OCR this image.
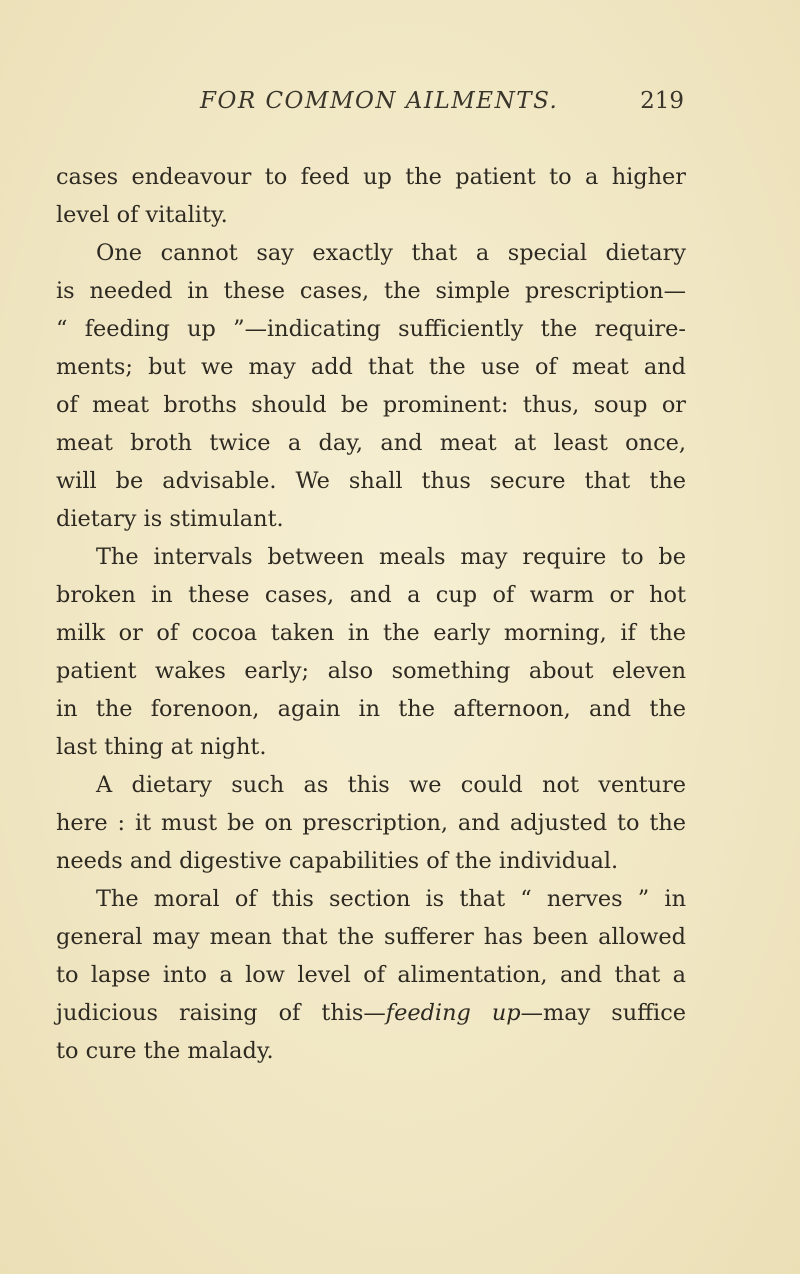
FOR COMMON AILMENTS.	219
cases endeavour to feed up the patient to a higher
level of vitality.
One cannot say exactly that a special dietary
is needed in these cases, the simple prescription—
“ feeding up ”—indicating sufficiently the require-
ments; but we may add that the use of meat and
of meat broths should be prominent: thus, soup or
meat broth twice a day, and meat at least once,
will be advisable. We shall thus secure that the
dietary is stimulant.
The intervals between meals may require to be
broken in these cases, and a cup of warm or hot
milk or of cocoa taken in the early morning, if the
patient wakes early; also something about eleven
in the forenoon, again in the afternoon, and the
last thing at night.
A dietary such as this we could not venture
here : it must be on prescription, and adjusted to the
needs and digestive capabilities of the individual.
The moral of this section is that “ nerves ” in
general may mean that the sufferer has been allowed
to lapse into a low level of alimentation, and that a
judicious raising of this—feeding up—may suffice
to cure the malady.
